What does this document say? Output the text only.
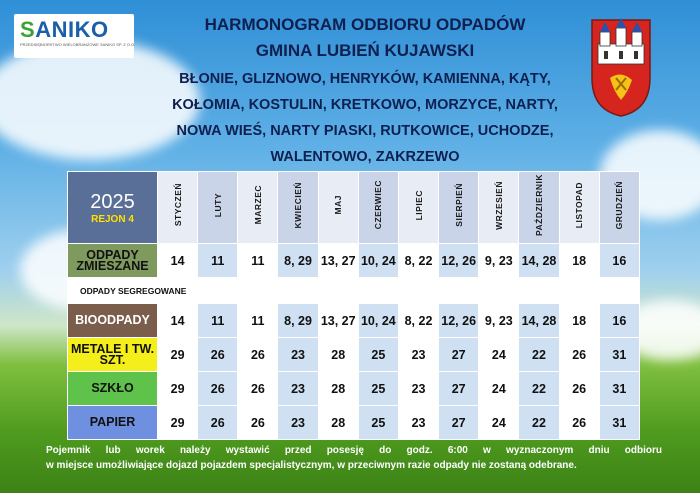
SANIKO
PRZEDSIĘBIORSTWO WIELOBRANŻOWE SANIKO SP. Z O.O.
HARMONOGRAM ODBIORU ODPADÓW
GMINA LUBIEŃ KUJAWSKI
BŁONIE, GLIZNOWO, HENRYKÓW, KAMIENNA, KĄTY,
KOŁOMIA, KOSTULIN, KRETKOWO, MORZYCE, NARTY,
NOWA WIEŚ, NARTY PIASKI, RUTKOWICE, UCHODZE,
WALENTOWO, ZAKRZEWO
2025
REJON 4	STYCZEŃ	LUTY	MARZEC	KWIECIEŃ	MAJ	CZERWIEC	LIPIEC	SIERPIEŃ	WRZESIEŃ	PAŹDZIERNIK	LISTOPAD	GRUDZIEŃ
ODPADY ZMIESZANE	14	11	11	8, 29	13, 27	10, 24	8, 22	12, 26	9, 23	14, 28	18	16
ODPADY SEGREGOWANE												
BIOODPADY	14	11	11	8, 29	13, 27	10, 24	8, 22	12, 26	9, 23	14, 28	18	16
METALE I TW. SZT.	29	26	26	23	28	25	23	27	24	22	26	31
SZKŁO	29	26	26	23	28	25	23	27	24	22	26	31
PAPIER	29	26	26	23	28	25	23	27	24	22	26	31
Pojemnik lub worek należy wystawić przed posesję do godz. 6:00 w wyznaczonym dniu odbioru
w miejsce umożliwiające dojazd pojazdem specjalistycznym, w przeciwnym razie odpady nie zostaną odebrane.
